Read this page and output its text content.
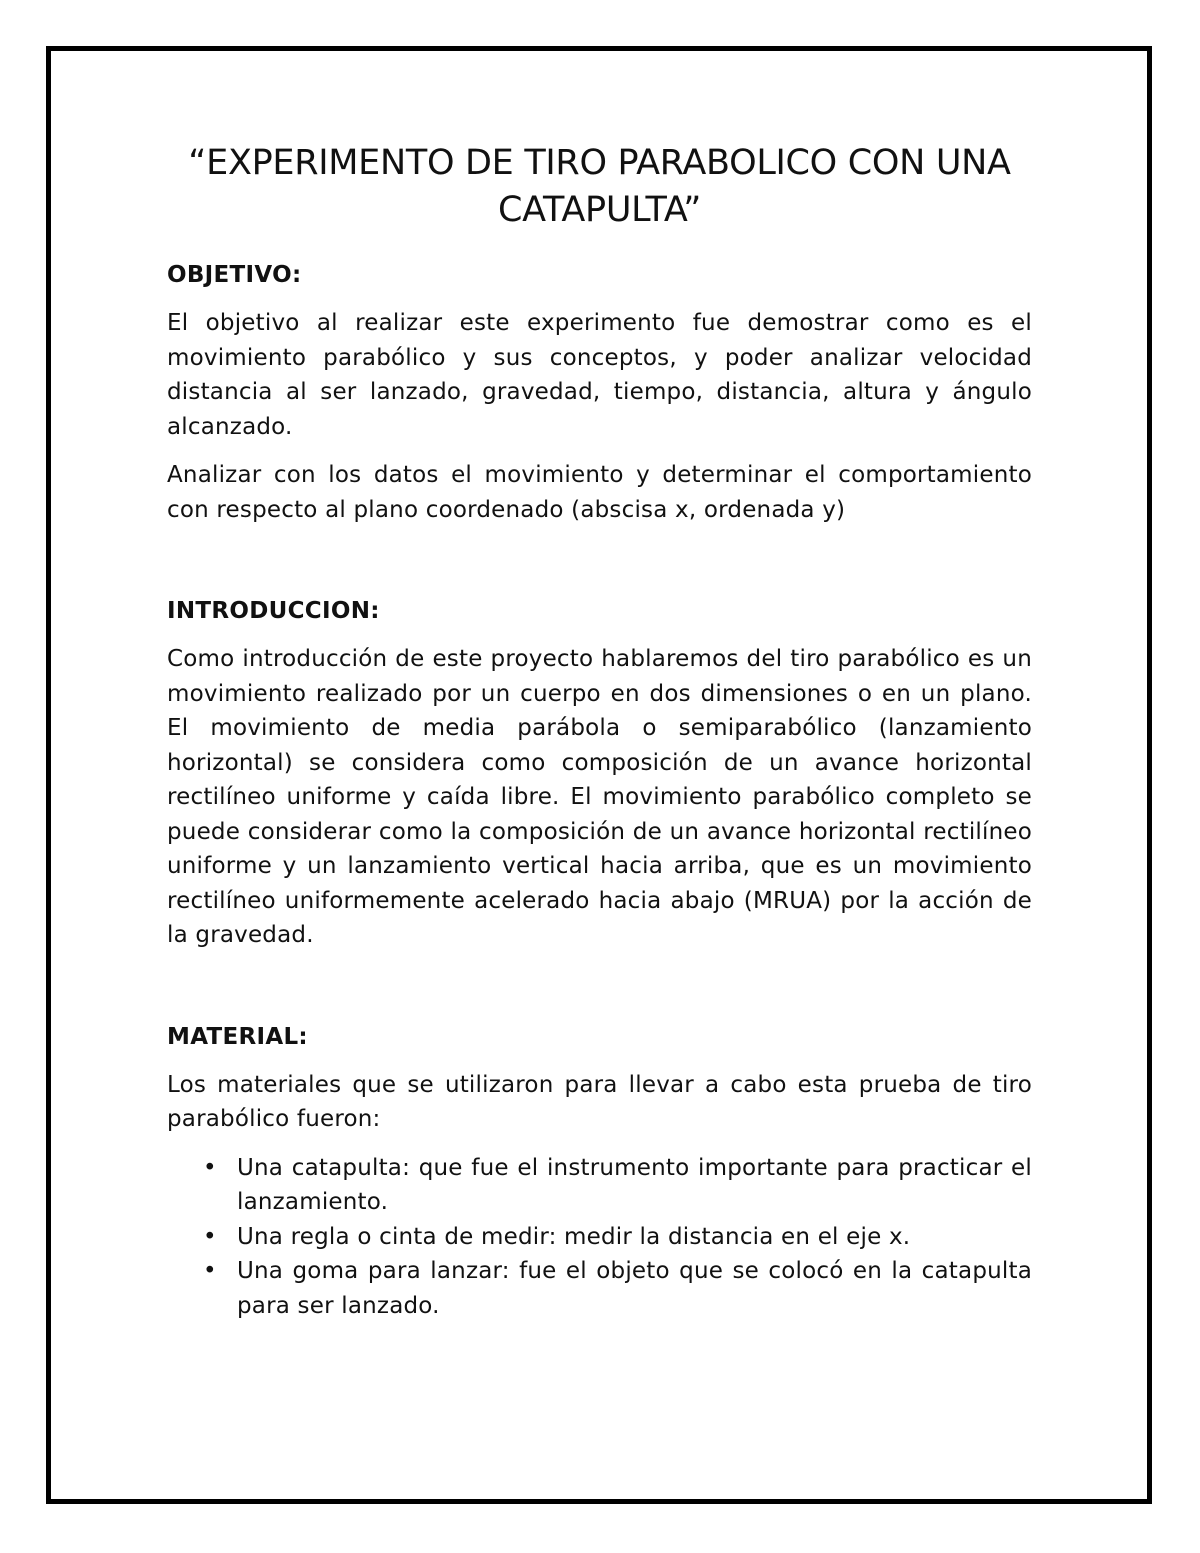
“EXPERIMENTO DE TIRO PARABOLICO CON UNA CATAPULTA”
OBJETIVO:

El objetivo al realizar este experimento fue demostrar como es el movimiento parabólico y sus conceptos, y poder analizar velocidad distancia al ser lanzado, gravedad, tiempo, distancia, altura y ángulo alcanzado.

Analizar con los datos el movimiento y determinar el comportamiento con respecto al plano coordenado (abscisa x, ordenada y)

INTRODUCCION:

Como introducción de este proyecto hablaremos del tiro parabólico es un movimiento realizado por un cuerpo en dos dimensiones o en un plano. El movimiento de media parábola o semiparabólico (lanzamiento horizontal) se considera como composición de un avance horizontal rectilíneo uniforme y caída libre. El movimiento parabólico completo se puede considerar como la composición de un avance horizontal rectilíneo uniforme y un lanzamiento vertical hacia arriba, que es un movimiento rectilíneo uniformemente acelerado hacia abajo (MRUA) por la acción de la gravedad.

MATERIAL:

Los materiales que se utilizaron para llevar a cabo esta prueba de tiro parabólico fueron:

• Una catapulta: que fue el instrumento importante para practicar el lanzamiento.
• Una regla o cinta de medir: medir la distancia en el eje x.
• Una goma para lanzar: fue el objeto que se colocó en la catapulta para ser lanzado.
